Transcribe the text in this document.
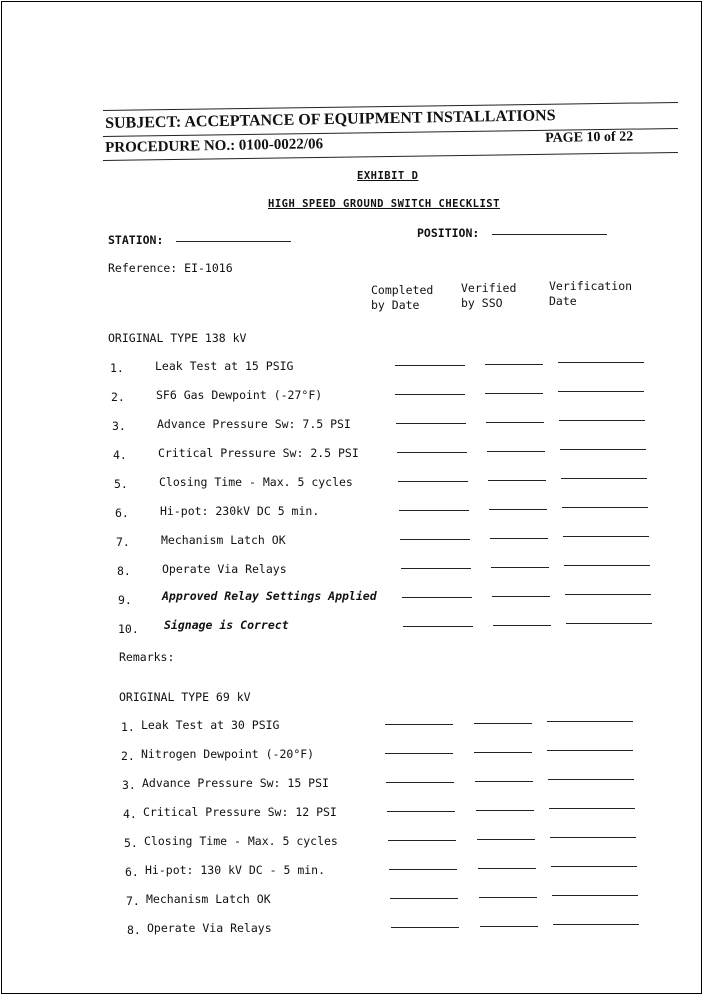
SUBJECT: ACCEPTANCE OF EQUIPMENT INSTALLATIONS
PROCEDURE NO.: 0100-0022/06	PAGE 10 of 22
EXHIBIT D
HIGH SPEED GROUND SWITCH CHECKLIST
STATION:	POSITION:
Reference: EI-1016
Completed
by Date
Verified
by SSO
Verification
Date
ORIGINAL TYPE 138 kV
1.	Leak Test at 15 PSIG
2.	SF6 Gas Dewpoint (-27°F)
3.	Advance Pressure Sw: 7.5 PSI
4.	Critical Pressure Sw: 2.5 PSI
5.	Closing Time - Max. 5 cycles
6.	Hi-pot: 230kV DC 5 min.
7.	Mechanism Latch OK
8.	Operate Via Relays
9.	Approved Relay Settings Applied
10. Signage is Correct
Remarks:
ORIGINAL TYPE 69 kV
1. Leak Test at 30 PSIG
2. Nitrogen Dewpoint (-20°F)
3. Advance Pressure Sw: 15 PSI
4. Critical Pressure Sw: 12 PSI
5. Closing Time - Max. 5 cycles
6. Hi-pot: 130 kV DC - 5 min.
7. Mechanism Latch OK
8. Operate Via Relays
